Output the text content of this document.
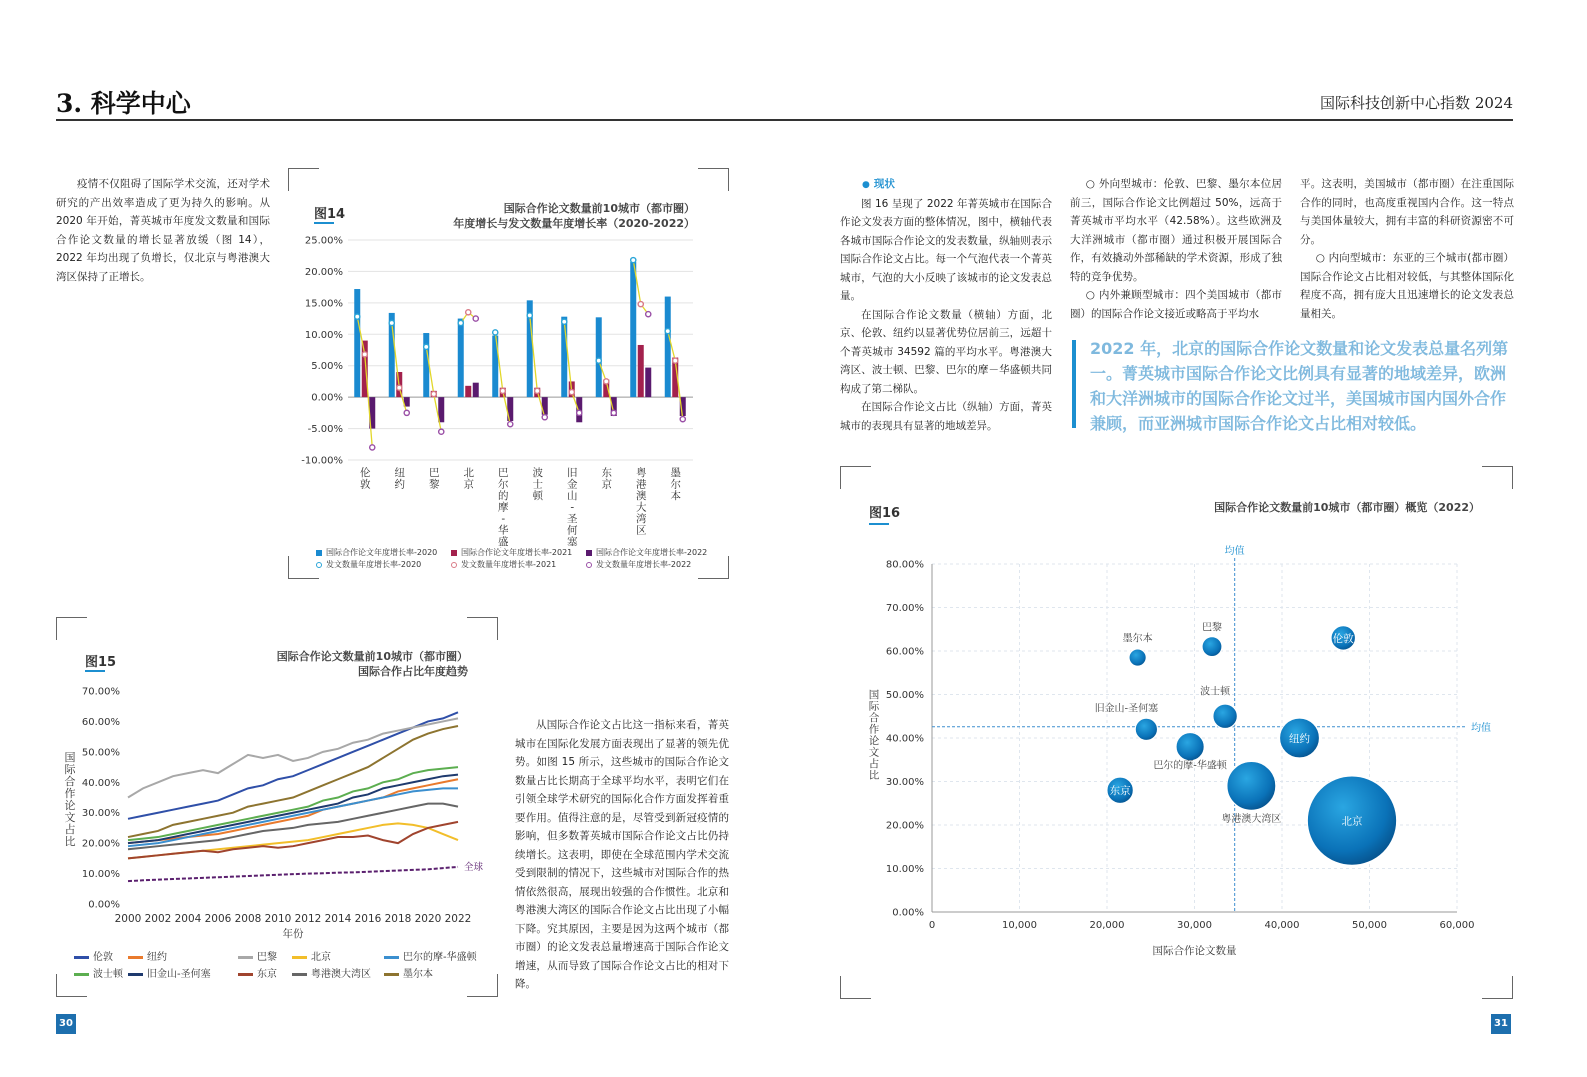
3. 科学中心	国际科技创新中心指数 2024

疫情不仅阻碍了国际学术交流，还对学术研究的产出效率造成了更为持久的影响。从 2020 年开始，菁英城市年度发文数量和国际合作论文数量的增长显著放缓（图 14），2022 年均出现了负增长，仅北京与粤港澳大湾区保持了正增长。

图14	国际合作论文数量前10城市（都市圈）
年度增长与发文数量年度增长率（2020-2022）
25.00%
20.00%
15.00%
10.00%
5.00%
0.00%
-5.00%
-10.00%
伦敦
纽约
巴黎
北京
巴尔的摩-华盛
波士顿
旧金山-圣何塞
东京
粤港澳大湾区
墨尔本
国际合作论文年度增长率-2020	国际合作论文年度增长率-2021	国际合作论文年度增长率-2022
发文数量年度增长率-2020	发文数量年度增长率-2021	发文数量年度增长率-2022
图15	国际合作论文数量前10城市（都市圈）
国际合作占比年度趋势
70.00%
60.00%
50.00%
40.00%
30.00%
20.00%
10.00%
0.00%
2000 2002 2004 2006 2008 2010 2012 2014 2016 2018 2020 2022
国际合作论文占比
年份
全球
伦敦	纽约	巴黎	北京	巴尔的摩-华盛顿
波士顿	旧金山-圣何塞	东京	粤港澳大湾区	墨尔本

从国际合作论文占比这一指标来看，菁英城市在国际化发展方面表现出了显著的领先优势。如图 15 所示，这些城市的国际合作论文数量占比长期高于全球平均水平，表明它们在引领全球学术研究的国际化合作方面发挥着重要作用。值得注意的是，尽管受到新冠疫情的影响，但多数菁英城市国际合作论文占比仍持续增长。这表明，即使在全球范围内学术交流受到限制的情况下，这些城市对国际合作的热情依然很高，展现出较强的合作惯性。北京和粤港澳大湾区的国际合作论文占比出现了小幅下降。究其原因，主要是因为这两个城市（都市圈）的论文发表总量增速高于国际合作论文增速，从而导致了国际合作论文占比的相对下降。

● 现状

图 16 呈现了 2022 年菁英城市在国际合作论文发表方面的整体情况，图中，横轴代表各城市国际合作论文的发表数量，纵轴则表示国际合作论文占比。每一个气泡代表一个菁英城市，气泡的大小反映了该城市的论文发表总量。

在国际合作论文数量（横轴）方面，北京、伦敦、纽约以显著优势位居前三，远超十个菁英城市 34592 篇的平均水平。粤港澳大湾区、波士顿、巴黎、巴尔的摩－华盛顿共同构成了第二梯队。

在国际合作论文占比（纵轴）方面，菁英城市的表现具有显著的地域差异。

○ 外向型城市：伦敦、巴黎、墨尔本位居前三，国际合作论文比例超过 50%，远高于菁英城市平均水平（42.58%）。这些欧洲及大洋洲城市（都市圈）通过积极开展国际合作，有效撬动外部稀缺的学术资源，形成了独特的竞争优势。

○ 内外兼顾型城市：四个美国城市（都市圈）的国际合作论文接近或略高于平均水

平。这表明，美国城市（都市圈）在注重国际合作的同时，也高度重视国内合作。这一特点与美国体量较大，拥有丰富的科研资源密不可分。

○ 内向型城市：东亚的三个城市(都市圈）国际合作论文占比相对较低，与其整体国际化程度不高，拥有庞大且迅速增长的论文发表总量相关。

2022 年，北京的国际合作论文数量和论文发表总量名列第一。菁英城市国际合作论文比例具有显著的地域差异，欧洲和大洋洲城市的国际合作论文过半，美国城市国内国外合作兼顾，而亚洲城市国际合作论文占比相对较低。
图16	国际合作论文数量前10城市（都市圈）概览（2022）
80.00%
70.00%
60.00%
50.00%
40.00%
30.00%
20.00%
10.00%
0.00%
0	10,000	20,000	30,000	40,000	50,000	60,000
均值
均值
国际合作论文数量
国际合作论文占比
北京
粤港澳大湾区
纽约
巴尔的摩-华盛顿
东京
伦敦
波士顿
旧金山-圣何塞
巴黎
墨尔本
30	31
